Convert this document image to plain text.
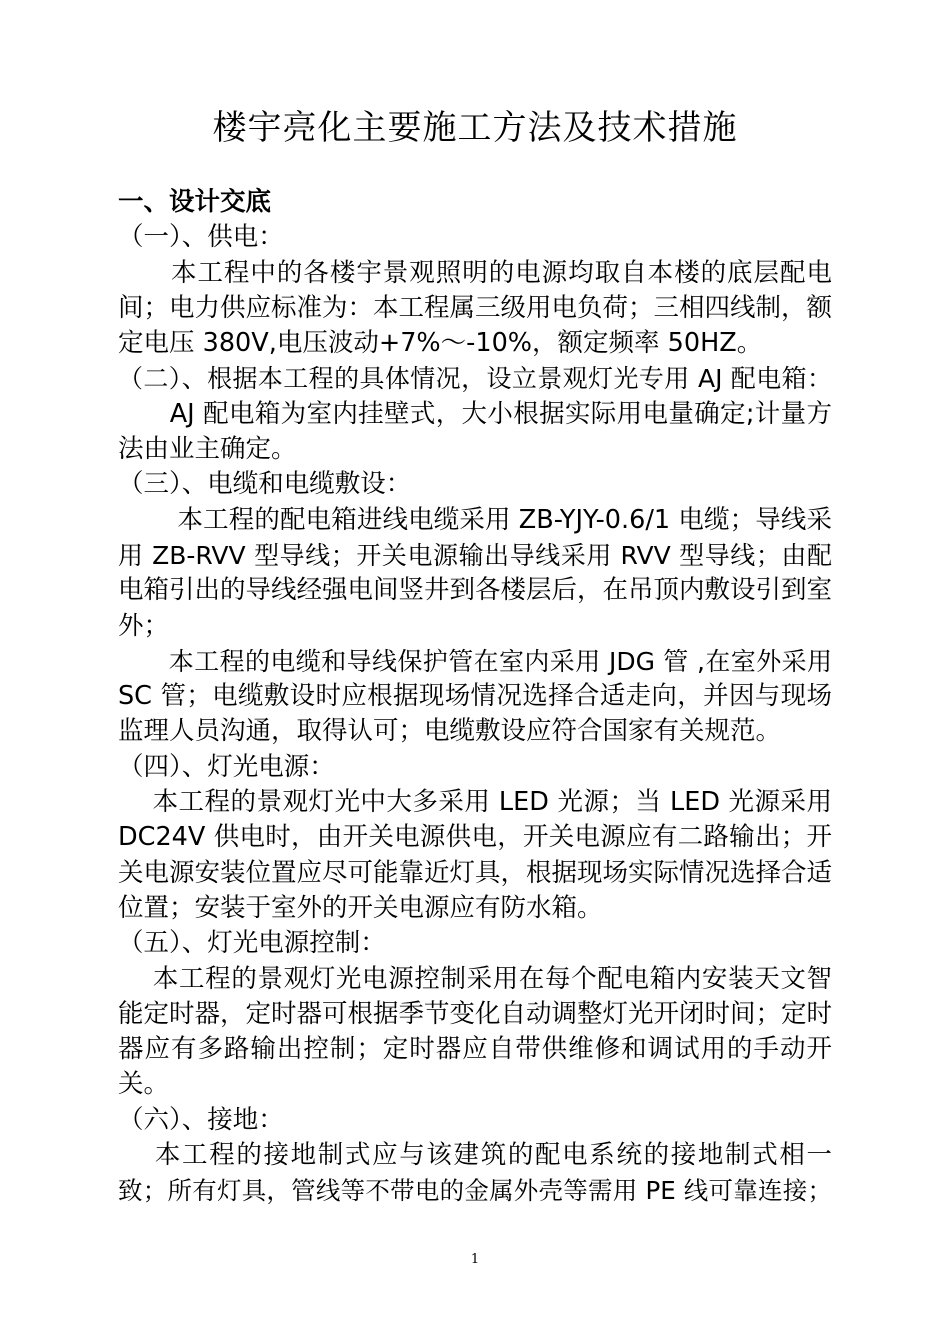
楼宇亮化主要施工方法及技术措施

一、设计交底

（一）、供电：

　　本工程中的各楼宇景观照明的电源均取自本楼的底层配电

间；电力供应标准为：本工程属三级用电负荷；三相四线制，额

定电压 380V,电压波动+7%～-10%，额定频率 50HZ。

（二）、根据本工程的具体情况，设立景观灯光专用 AJ 配电箱：

　　AJ 配电箱为室内挂壁式，大小根据实际用电量确定;计量方

法由业主确定。

（三）、电缆和电缆敷设：

　　 本工程的配电箱进线电缆采用 ZB-YJY-0.6/1 电缆；导线采

用 ZB-RVV 型导线；开关电源输出导线采用 RVV 型导线；由配

电箱引出的导线经强电间竖井到各楼层后，在吊顶内敷设引到室

外；

　　本工程的电缆和导线保护管在室内采用 JDG 管 ,在室外采用

SC 管；电缆敷设时应根据现场情况选择合适走向，并因与现场

监理人员沟通，取得认可；电缆敷设应符合国家有关规范。

（四）、灯光电源：

　 本工程的景观灯光中大多采用 LED 光源；当 LED 光源采用

DC24V 供电时，由开关电源供电，开关电源应有二路输出；开

关电源安装位置应尽可能靠近灯具，根据现场实际情况选择合适

位置；安装于室外的开关电源应有防水箱。

（五）、灯光电源控制：

　 本工程的景观灯光电源控制采用在每个配电箱内安装天文智

能定时器，定时器可根据季节变化自动调整灯光开闭时间；定时

器应有多路输出控制；定时器应自带供维修和调试用的手动开

关。

（六）、接地：

　 本工程的接地制式应与该建筑的配电系统的接地制式相一

致；所有灯具，管线等不带电的金属外壳等需用 PE 线可靠连接；

1
